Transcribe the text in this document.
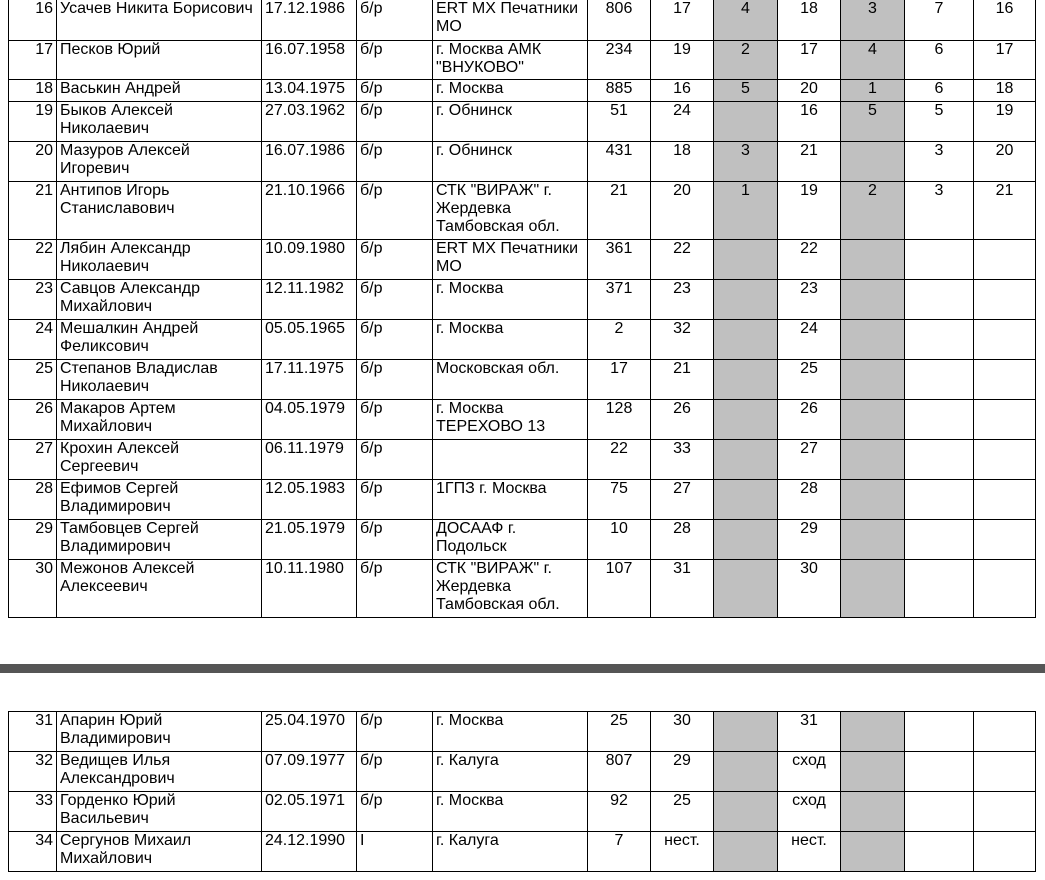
16	Усачев Никита Борисович	17.12.1986	б/р	ERT MX Печатники МО	806	17	4	18	3	7	16
17	Песков Юрий	16.07.1958	б/р	г. Москва АМК "ВНУКОВО"	234	19	2	17	4	6	17
18	Васькин Андрей	13.04.1975	б/р	г. Москва	885	16	5	20	1	6	18
19	Быков Алексей Николаевич	27.03.1962	б/р	г. Обнинск	51	24		16	5	5	19
20	Мазуров Алексей Игоревич	16.07.1986	б/р	г. Обнинск	431	18	3	21		3	20
21	Антипов Игорь Станиславович	21.10.1966	б/р	СТК "ВИРАЖ" г. Жердевка Тамбовская обл.	21	20	1	19	2	3	21
22	Лябин Александр Николаевич	10.09.1980	б/р	ERT MX Печатники МО	361	22		22			
23	Савцов Александр Михайлович	12.11.1982	б/р	г. Москва	371	23		23			
24	Мешалкин Андрей Феликсович	05.05.1965	б/р	г. Москва	2	32		24			
25	Степанов Владислав Николаевич	17.11.1975	б/р	Московская обл.	17	21		25			
26	Макаров Артем Михайлович	04.05.1979	б/р	г. Москва ТЕРЕХОВО 13	128	26		26			
27	Крохин Алексей Сергеевич	06.11.1979	б/р		22	33		27			
28	Ефимов Сергей Владимирович	12.05.1983	б/р	1ГПЗ г. Москва	75	27		28			
29	Тамбовцев Сергей Владимирович	21.05.1979	б/р	ДОСААФ г. Подольск	10	28		29			
30	Межонов Алексей Алексеевич	10.11.1980	б/р	СТК "ВИРАЖ" г. Жердевка Тамбовская обл.	107	31		30			
31	Апарин Юрий Владимирович	25.04.1970	б/р	г. Москва	25	30		31			
32	Ведищев Илья Александрович	07.09.1977	б/р	г. Калуга	807	29		сход			
33	Горденко Юрий Васильевич	02.05.1971	б/р	г. Москва	92	25		сход			
34	Сергунов Михаил Михайлович	24.12.1990	I	г. Калуга	7	нест.		нест.			
